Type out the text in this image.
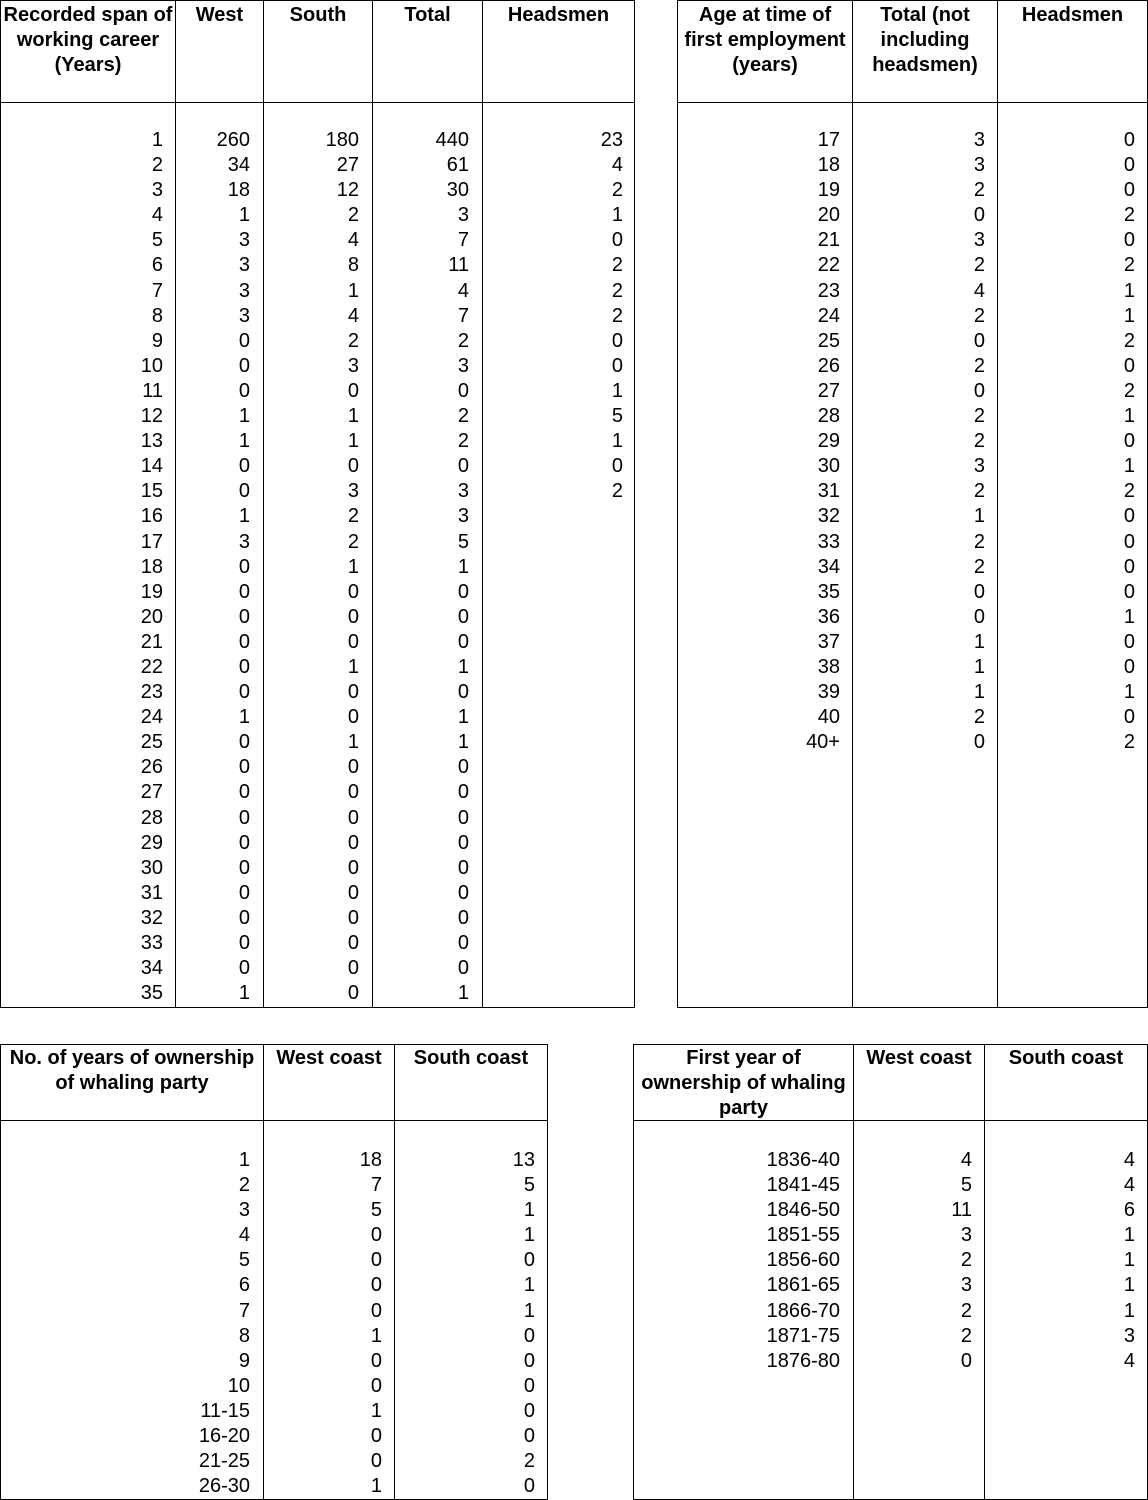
Recorded span of working career (Years)
West	South	Total	Headsmen
1	260	180	440	23
2	34	27	61	4
3	18	12	30	2
4	1	2	3	1
5	3	4	7	0
6	3	8	11	2
7	3	1	4	2
8	3	4	7	2
9	0	2	2	0
10	0	3	3	0
11	0	0	0	1
12	1	1	2	5
13	1	1	2	1
14	0	0	0	0
15	0	3	3	2
16	1	2	3
17	3	2	5
18	0	1	1
19	0	0	0
20	0	0	0
21	0	0	0
22	0	1	1
23	0	0	0
24	1	0	1
25	0	1	1
26	0	0	0
27	0	0	0
28	0	0	0
29	0	0	0
30	0	0	0
31	0	0	0
32	0	0	0
33	0	0	0
34	0	0	0
35	1	0	1
Age at time of first employment (years)
Total (not including headsmen)
Headsmen
17	3	0
18	3	0
19	2	0
20	0	2
21	3	0
22	2	2
23	4	1
24	2	1
25	0	2
26	2	0
27	0	2
28	2	1
29	2	0
30	3	1
31	2	2
32	1	0
33	2	0
34	2	0
35	0	0
36	0	1
37	1	0
38	1	0
39	1	1
40	2	0
40+	0	2
No. of years of ownership of whaling party
West coast	South coast
1	18	13
2	7	5
3	5	1
4	0	1
5	0	0
6	0	1
7	0	1
8	1	0
9	0	0
10	0	0
11-15	1	0
16-20	0	0
21-25	0	2
26-30	1	0
First year of ownership of whaling party
West coast	South coast
1836-40	4	4
1841-45	5	4
1846-50	11	6
1851-55	3	1
1856-60	2	1
1861-65	3	1
1866-70	2	1
1871-75	2	3
1876-80	0	4
